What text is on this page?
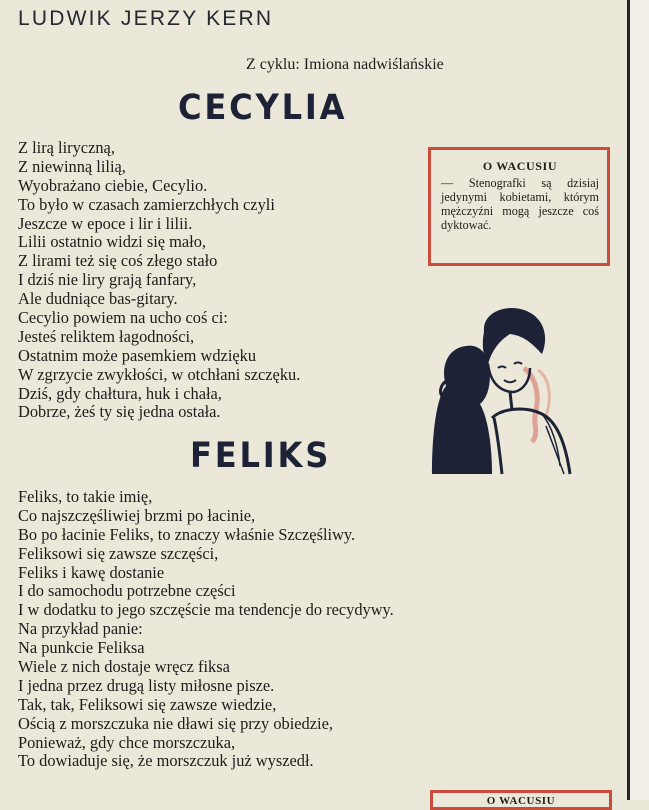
LUDWIK JERZY KERN
Z cyklu: Imiona nadwiślańskie
CECYLIA
Z lirą liryczną,
Z niewinną lilią,
Wyobrażano ciebie, Cecylio.
To było w czasach zamierzchłych czyli
Jeszcze w epoce i lir i lilii.
Lilii ostatnio widzi się mało,
Z lirami też się coś złego stało
I dziś nie liry grają fanfary,
Ale dudniące bas-gitary.
Cecylio powiem na ucho coś ci:
Jesteś reliktem łagodności,
Ostatnim może pasemkiem wdzięku
W zgrzycie zwykłości, w otchłani szczęku.
Dziś, gdy chałtura, huk i chała,
Dobrze, żeś ty się jedna ostała.
O WACUSIU

— Stenografki są dzisiaj jedynymi kobietami, którym mężczyźni mogą jeszcze coś dyktować.

FELIKS
Feliks, to takie imię,
Co najszczęśliwiej brzmi po łacinie,
Bo po łacinie Feliks, to znaczy właśnie Szczęśliwy.
Feliksowi się zawsze szczęści,
Feliks i kawę dostanie
I do samochodu potrzebne części
I w dodatku to jego szczęście ma tendencje do recydywy.
Na przykład panie:
Na punkcie Feliksa
Wiele z nich dostaje wręcz fiksa
I jedna przez drugą listy miłosne pisze.
Tak, tak, Feliksowi się zawsze wiedzie,
Ością z morszczuka nie dławi się przy obiedzie,
Ponieważ, gdy chce morszczuka,
To dowiaduje się, że morszczuk już wyszedł.
O WACUSIU
